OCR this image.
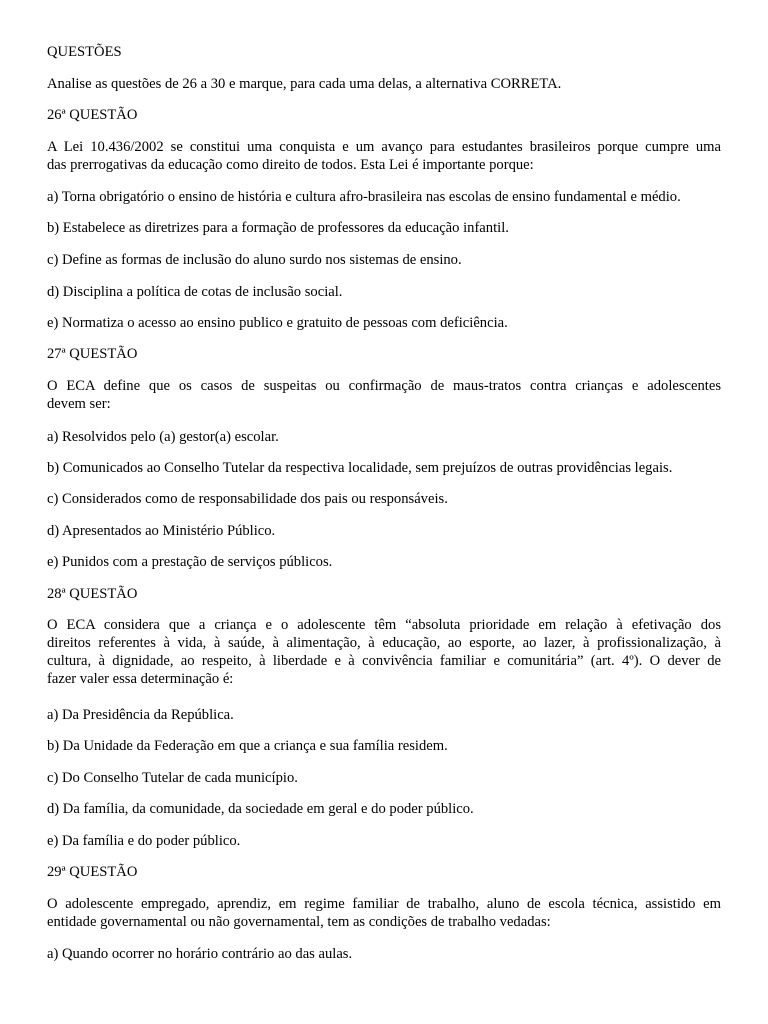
QUESTÕES
Analise as questões de 26 a 30 e marque, para cada uma delas, a alternativa CORRETA.
26ª QUESTÃO
A Lei 10.436/2002 se constitui uma conquista e um avanço para estudantes brasileiros porque cumpre uma
das prerrogativas da educação como direito de todos. Esta Lei é importante porque:
a) Torna obrigatório o ensino de história e cultura afro-brasileira nas escolas de ensino fundamental e médio.
b) Estabelece as diretrizes para a formação de professores da educação infantil.
c) Define as formas de inclusão do aluno surdo nos sistemas de ensino.
d) Disciplina a política de cotas de inclusão social.
e) Normatiza o acesso ao ensino publico e gratuito de pessoas com deficiência.
27ª QUESTÃO
O ECA define que os casos de suspeitas ou confirmação de maus-tratos contra crianças e adolescentes
devem ser:
a) Resolvidos pelo (a) gestor(a) escolar.
b) Comunicados ao Conselho Tutelar da respectiva localidade, sem prejuízos de outras providências legais.
c) Considerados como de responsabilidade dos pais ou responsáveis.
d) Apresentados ao Ministério Público.
e) Punidos com a prestação de serviços públicos.
28ª QUESTÃO
O ECA considera que a criança e o adolescente têm “absoluta prioridade em relação à efetivação dos
direitos referentes à vida, à saúde, à alimentação, à educação, ao esporte, ao lazer, à profissionalização, à
cultura, à dignidade, ao respeito, à liberdade e à convivência familiar e comunitária” (art. 4º). O dever de
fazer valer essa determinação é:
a) Da Presidência da República.
b) Da Unidade da Federação em que a criança e sua família residem.
c) Do Conselho Tutelar de cada município.
d) Da família, da comunidade, da sociedade em geral e do poder público.
e) Da família e do poder público.
29ª QUESTÃO
O adolescente empregado, aprendiz, em regime familiar de trabalho, aluno de escola técnica, assistido em
entidade governamental ou não governamental, tem as condições de trabalho vedadas:
a) Quando ocorrer no horário contrário ao das aulas.
